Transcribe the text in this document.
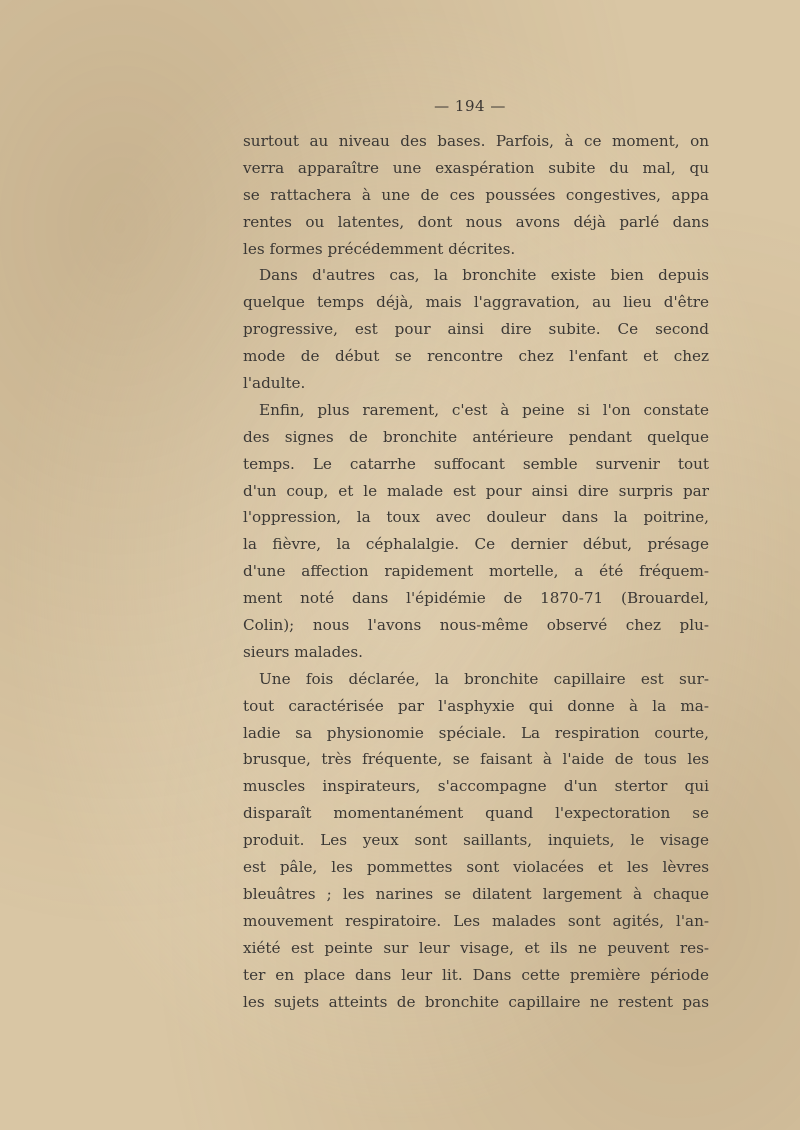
— 194 —
surtout au niveau des bases. Parfois, à ce moment, on
verra apparaître une exaspération subite du mal, qu
se rattachera à une de ces poussées congestives, appa
rentes ou latentes, dont nous avons déjà parlé dans
les formes précédemment décrites.
Dans d'autres cas, la bronchite existe bien depuis
quelque temps déjà, mais l'aggravation, au lieu d'être
progressive, est pour ainsi dire subite. Ce second
mode de début se rencontre chez l'enfant et chez
l'adulte.
Enfin, plus rarement, c'est à peine si l'on constate
des signes de bronchite antérieure pendant quelque
temps. Le catarrhe suffocant semble survenir tout
d'un coup, et le malade est pour ainsi dire surpris par
l'oppression, la toux avec douleur dans la poitrine,
la fièvre, la céphalalgie. Ce dernier début, présage
d'une affection rapidement mortelle, a été fréquem-
ment noté dans l'épidémie de 1870-71 (Brouardel,
Colin); nous l'avons nous-même observé chez plu-
sieurs malades.
Une fois déclarée, la bronchite capillaire est sur-
tout caractérisée par l'asphyxie qui donne à la ma-
ladie sa physionomie spéciale. La respiration courte,
brusque, très fréquente, se faisant à l'aide de tous les
muscles inspirateurs, s'accompagne d'un stertor qui
disparaît momentanément quand l'expectoration se
produit. Les yeux sont saillants, inquiets, le visage
est pâle, les pommettes sont violacées et les lèvres
bleuâtres ; les narines se dilatent largement à chaque
mouvement respiratoire. Les malades sont agités, l'an-
xiété est peinte sur leur visage, et ils ne peuvent res-
ter en place dans leur lit. Dans cette première période
les sujets atteints de bronchite capillaire ne restent pas
